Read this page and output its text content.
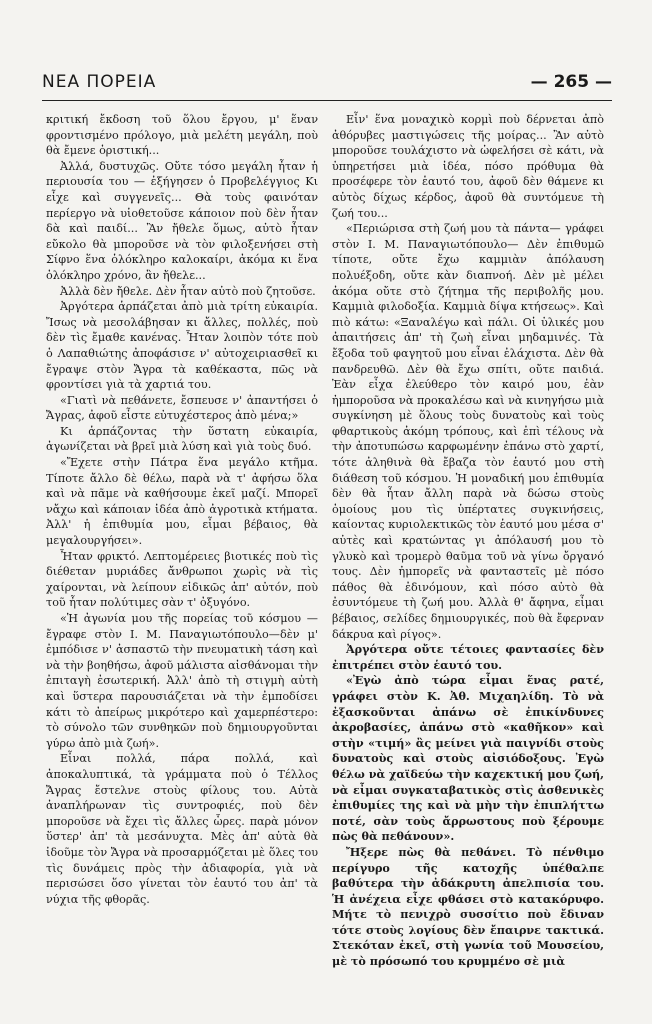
ΝΕΑ ΠΟΡΕΙΑ	— 265 —

κριτική ἔκδοση τοῦ ὅλου ἔργου, μ' ἕναν φροντισμένο πρόλογο, μιὰ μελέτη μεγάλη, ποὺ θὰ ἔμενε ὁριστική...

Ἀλλά, δυστυχῶς. Οὔτε τόσο μεγάλη ἦταν ἡ περιουσία του — ἐξήγησεν ὁ Προβελέγγιος Κι εἶχε καὶ συγγενεῖς... Θὰ τοὺς φαινόταν περίεργο νὰ υἱοθετοῦσε κάποιον ποὺ δὲν ἦταν δὰ καὶ παιδί... Ἂν ἤθελε ὅμως, αὐτὸ ἦταν εὔκολο θὰ μποροῦσε νὰ τὸν φιλοξενήσει στὴ Σίφνο ἕνα ὁλόκληρο καλοκαίρι, ἀκόμα κι ἕνα ὁλόκληρο χρόνο, ἂν ἤθελε...

Ἀλλὰ δὲν ἤθελε. Δὲν ἦταν αὐτὸ ποὺ ζητοῦσε.

Ἀργότερα ἁρπάζεται ἀπὸ μιὰ τρίτη εὐκαιρία. Ἴσως νὰ μεσολάβησαν κι ἄλλες, πολλές, ποὺ δὲν τὶς ἔμαθε κανένας. Ἦταν λοιπὸν τότε ποὺ ὁ Λαπαθιώτης ἀποφάσισε ν' αὐτοχειριασθεῖ κι ἔγραψε στὸν Ἄγρα τὰ καθέκαστα, πῶς νὰ φροντίσει γιὰ τὰ χαρτιά του.

«Γιατὶ νὰ πεθάνετε, ἔσπευσε ν' ἀπαντήσει ὁ Ἄγρας, ἀφοῦ εἶστε εὐτυχέστερος ἀπὸ μένα;»

Κι ἁρπάζοντας τὴν ὕστατη εὐκαιρία, ἀγωνίζεται νὰ βρεῖ μιὰ λύση καὶ γιὰ τοὺς δυό.

«Ἔχετε στὴν Πάτρα ἕνα μεγάλο κτῆμα. Τίποτε ἄλλο δὲ θέλω, παρὰ νὰ τ' ἀφήσω ὅλα καὶ νὰ πᾶμε νὰ καθήσουμε ἐκεῖ μαζί. Μπορεῖ νἄχω καὶ κάποιαν ἰδέα ἀπὸ ἀγροτικὰ κτήματα. Ἀλλ' ἡ ἐπιθυμία μου, εἶμαι βέβαιος, θὰ μεγαλουργήσει».

Ἦταν φρικτό. Λεπτομέρειες βιοτικές ποὺ τὶς διέθεταν μυριάδες ἄνθρωποι χωρὶς νὰ τὶς χαίρονται, νὰ λείπουν εἰδικῶς ἀπ' αὐτόν, ποὺ τοῦ ἦταν πολύτιμες σὰν τ' ὀξυγόνο.

«Ἡ ἀγωνία μου τῆς πορείας τοῦ κόσμου —ἔγραφε στὸν Ι. Μ. Παναγιωτόπουλο—δὲν μ' ἐμπόδισε ν' ἀσπαστῶ τὴν πνευματικὴ τάση καὶ νὰ τὴν βοηθήσω, ἀφοῦ μάλιστα αἰσθάνομαι τὴν ἐπιταγὴ ἐσωτερική. Ἀλλ' ἀπὸ τὴ στιγμὴ αὐτὴ καὶ ὕστερα παρουσιάζεται νὰ τὴν ἐμποδίσει κάτι τὸ ἀπείρως μικρότερο καὶ χαμερπέστερο: τὸ σύνολο τῶν συνθηκῶν ποὺ δημιουργοῦνται γύρω ἀπὸ μιὰ ζωή».

Εἶναι πολλά, πάρα πολλά, καὶ ἀποκαλυπτικά, τὰ γράμματα ποὺ ὁ Τέλλος Ἄγρας ἔστελνε στοὺς φίλους του. Αὐτὰ ἀναπλήρωναν τὶς συντροφιές, ποὺ δὲν μποροῦσε νὰ ἔχει τὶς ἄλλες ὧρες. παρὰ μόνον ὕστερ' ἀπ' τὰ μεσάνυχτα. Μὲς ἀπ' αὐτὰ θὰ ἰδοῦμε τὸν Ἄγρα νὰ προσαρμόζεται μὲ ὅλες του τὶς δυνάμεις πρὸς τὴν ἀδιαφορία, γιὰ νὰ περισώσει ὅσο γίνεται τὸν ἑαυτό του ἀπ' τὰ νύχια τῆς φθορᾶς.

Εἶν' ἕνα μοναχικὸ κορμὶ ποὺ δέρνεται ἀπὸ ἀθόρυβες μαστιγώσεις τῆς μοίρας... Ἂν αὐτὸ μποροῦσε τουλάχιστο νὰ ὠφελήσει σὲ κάτι, νὰ ὑπηρετήσει μιὰ ἰδέα, πόσο πρόθυμα θὰ προσέφερε τὸν ἑαυτό του, ἀφοῦ δὲν θάμενε κι αὐτὸς δίχως κέρδος, ἀφοῦ θὰ συντόμευε τὴ ζωή του...

«Περιώρισα στὴ ζωή μου τὰ πάντα— γράφει στὸν Ι. Μ. Παναγιωτόπουλο— Δὲν ἐπιθυμῶ τίποτε, οὔτε ἔχω καμμιὰν ἀπόλαυση πολυέξοδη, οὔτε κὰν διαπνοή. Δὲν μὲ μέλει ἀκόμα οὔτε στὸ ζήτημα τῆς περιβολῆς μου. Καμμιὰ φιλοδοξία. Καμμιὰ δίψα κτήσεως». Καὶ πιὸ κάτω: «Ξαναλέγω καὶ πάλι. Οἱ ὑλικές μου ἀπαιτήσεις ἀπ' τὴ ζωὴ εἶναι μηδαμινές. Τὰ ἔξοδα τοῦ φαγητοῦ μου εἶναι ἐλάχιστα. Δὲν θὰ πανδρευθῶ. Δὲν θὰ ἔχω σπίτι, οὔτε παιδιά. Ἐὰν εἶχα ἐλεύθερο τὸν καιρό μου, ἐὰν ἠμποροῦσα νὰ προκαλέσω καὶ νὰ κινηγήσω μιὰ συγκίνηση μὲ ὅλους τοὺς δυνατοὺς καὶ τοὺς φθαρτικοὺς ἀκόμη τρόπους, καὶ ἐπὶ τέλους νὰ τὴν ἀποτυπώσω καρφωμένην ἐπάνω στὸ χαρτί, τότε ἀληθινὰ θὰ ἔβαζα τὸν ἑαυτό μου στὴ διάθεση τοῦ κόσμου. Ἡ μοναδική μου ἐπιθυμία δὲν θὰ ἦταν ἄλλη παρὰ νὰ δώσω στοὺς ὁμοίους μου τὶς ὑπέρτατες συγκινήσεις, καίοντας κυριολεκτικῶς τὸν ἑαυτό μου μέσα σ' αὐτὲς καὶ κρατώντας γι ἀπόλαυσή μου τὸ γλυκὸ καὶ τρομερὸ θαῦμα τοῦ νὰ γίνω ὄργανό τους. Δὲν ἠμπορεῖς νὰ φανταστεῖς μὲ πόσο πάθος θὰ ἐδινόμουν, καὶ πόσο αὐτὸ θὰ ἐσυντόμευε τὴ ζωή μου. Ἀλλὰ θ' ἄφηνα, εἶμαι βέβαιος, σελίδες δημιουργικές, ποὺ θὰ ἔφερναν δάκρυα καὶ ρίγος».

Ἀργότερα οὔτε τέτοιες φαντασίες δὲν ἐπιτρέπει στὸν ἑαυτό του.

«Ἐγὼ ἀπὸ τώρα εἶμαι ἕνας ρατέ, γράφει στὸν Κ. Ἀθ. Μιχαηλίδη. Τὸ νὰ ἐξασκοῦνται ἀπάνω σὲ ἐπικίνδυνες ἀκροβασίες, ἀπάνω στὸ «καθῆκον» καὶ στὴν «τιμή» ἂς μείνει γιὰ παιγνίδι στοὺς δυνατοὺς καὶ στοὺς αἰσιόδοξους. Ἐγὼ θέλω νὰ χαϊδεύω τὴν καχεκτική μου ζωή, νὰ εἶμαι συγκαταβατικὸς στὶς ἀσθενικὲς ἐπιθυμίες της καὶ νὰ μὴν τὴν ἐπιπλήττω ποτέ, σὰν τοὺς ἄρρωστους ποὺ ξέρουμε πὼς θὰ πεθάνουν».

Ἤξερε πὼς θὰ πεθάνει. Τὸ πένθιμο περίγυρο τῆς κατοχῆς ὑπέθαλπε βαθύτερα τὴν ἀδάκρυτη ἀπελπισία του. Ἡ ἀνέχεια εἶχε φθάσει στὸ κατακόρυφο. Μήτε τὸ πενιχρὸ συσσίτιο ποὺ ἔδιναν τότε στοὺς λογίους δὲν ἔπαιρνε τακτικά. Στεκόταν ἐκεῖ, στὴ γωνία τοῦ Μουσείου, μὲ τὸ πρόσωπό του κρυμμένο σὲ μιὰ
